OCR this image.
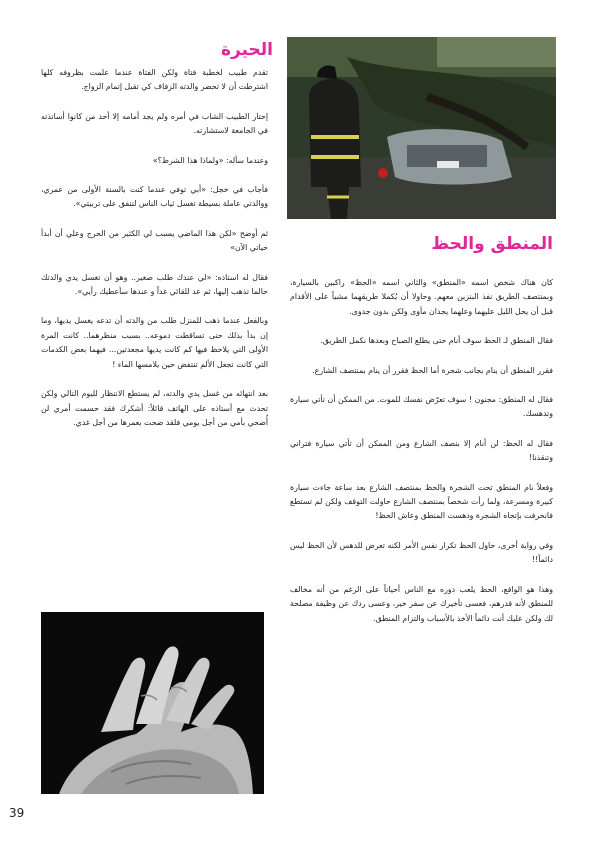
الحيرة

تقدم طبيب لخطبة فتاة ولكن الفتاة عندما علمت بظروفه كلها اشترطت أن لا تحضر والدته الزفاف كي تقبل إتمام الزواج.

إحتار الطبيب الشاب في أمره ولم يجد أمامه إلا أحد من كانوا أساتذته في الجامعة لاستشارته.

وعندما سأله: «ولماذا هذا الشرط؟»

فأجاب في خجل: «أبي توفي عندما كنت بالسنة الأولى من عمري، ووالدتي عاملة بسيطة تغسل ثياب الناس لتنفق على تربيتي».

ثم أوضح «لكن هذا الماضي يسبب لي الكثير من الحرج وعلي أن أبدأ حياتي الآن»

فقال له استاذه: «لي عندك طلب صغير.. وهو أن تغسل يدي والدتك حالما تذهب إليها، ثم عد للقائي غداً و عندها سأعطيك رأيي».

وبالفعل عندما ذهب للمنزل طلب من والدته أن تدعه يغسل يديها، وما إن بدأ بذلك حتى تساقطت دموعه.. بسبب منظرهما.. كانت المرة الأولى التي يلاحظ فيها كم كانت يديها مجعدتين... فيهما بعض الكدمات التي كانت تجعل الألم تنتفض حين يلامسها الماء !

بعد انتهائه من غسل يدي والدته، لم يستطع الانتظار لليوم التالي ولكن تحدث مع أستاذه على الهاتف قائلاً: أشكرك فقد حسمت أمري لن أُضحي بأمي من أجل يومي فلقد ضحت بعمرها من أجل غدي.

المنطق والحظ

كان هناك شخص اسمه «المنطق» والثاني اسمه «الحظ» راكبين بالسيارة، وبمنتصف الطريق نفذ البنزين معهم. وحاولا أن يُكملا طريقهما مشياً على الأقدام قبل أن يحل الليل عليهما وعلهما يجدان مأوى ولكن بدون جدوى.

فقال المنطق لـ الحظ سوف أنام حتى يطلع الصباح وبعدها نكمل الطريق.

فقرر المنطق أن ينام بجانب شجرة أما الحظ فقرر أن ينام بمنتصف الشارع.

فقال له المنطق: مجنون ! سوف تعرّض نفسك للموت. من الممكن أن تأتي سيارة وتدهسك.

فقال له الحظ: لن أنام إلا بنصف الشارع ومن الممكن أن تأتي سيارة فتراني وتنقذنا!

وفعلاً نام المنطق تحت الشجرة والحظ بمنتصف الشارع بعد ساعة جاءت سيارة كبيرة ومسرعة، ولما رأت شخصاً بمنتصف الشارع حاولت التوقف ولكن لم تستطع فانحرفت بإتجاه الشجرة ودهست المنطق وعاش الحظ!

وفي رواية أخرى، حاول الحظ تكرار نفس الأمر لكنه تعرض للدهس لأن الحظ ليس دائماً!!

وهذا هو الواقع، الحظ يلعب دوره مع الناس أحياناً على الرغم من أنه مخالف للمنطق لأنه قدرهم، فعسى تأخيرك عن سفر خير، وعسى ردك عن وظيفة مصلحة لك ولكن عليك أنت دائماً الأخذ بالأسباب والتزام المنطق.

39
